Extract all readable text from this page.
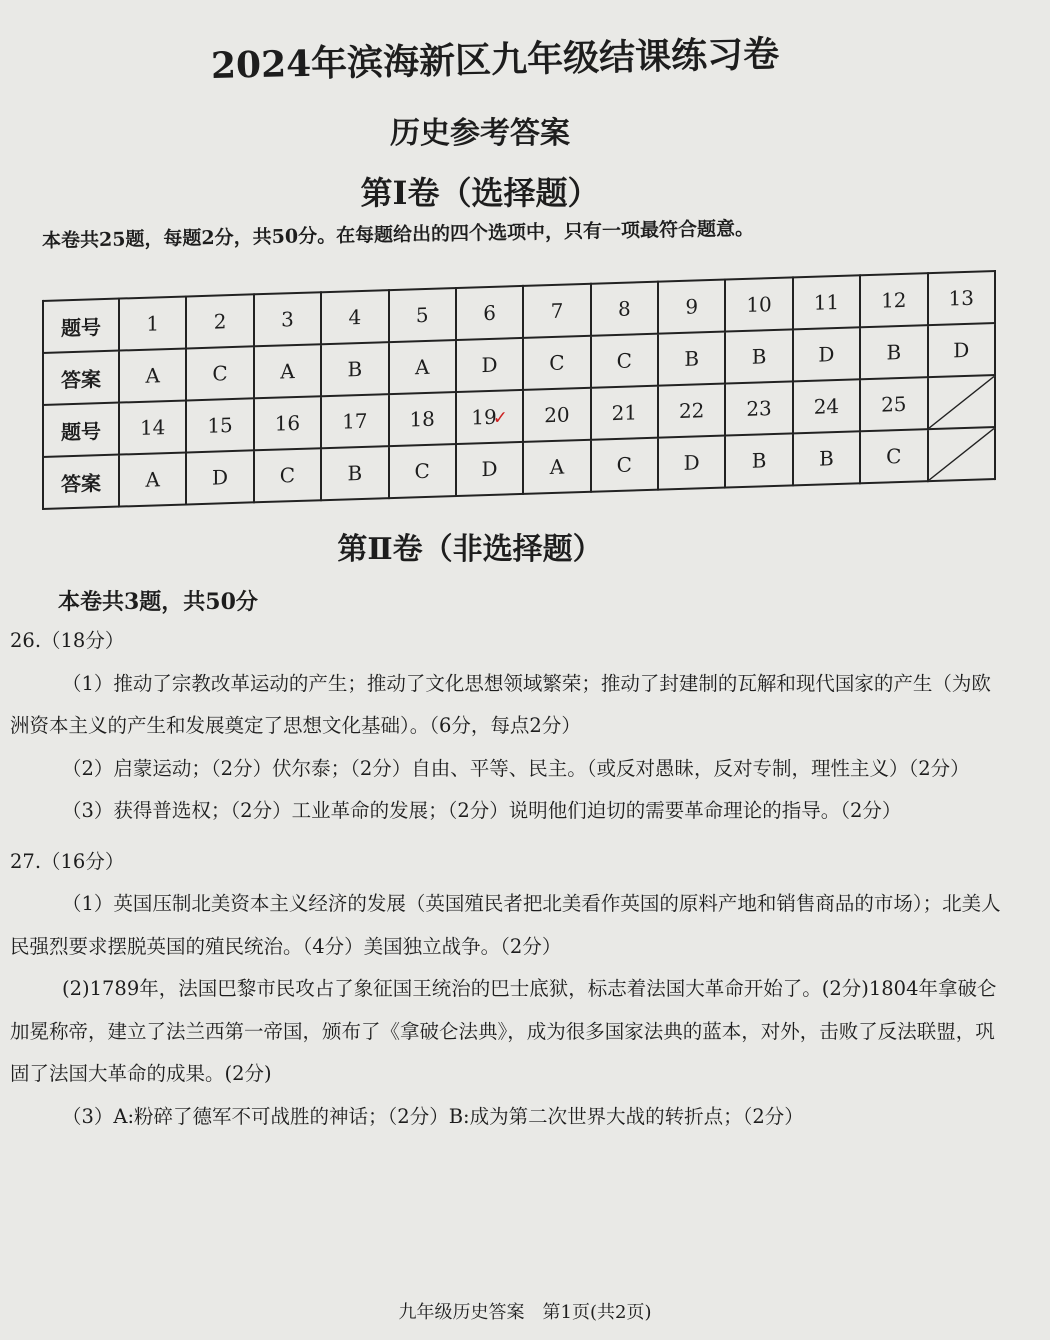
2024年滨海新区九年级结课练习卷
历史参考答案
第Ⅰ卷（选择题）
本卷共25题，每题2分，共50分。在每题给出的四个选项中，只有一项最符合题意。
题号	1	2	3	4	5	6	7	8	9	10	11	12	13
答案	A	C	A	B	A	D	C	C	B	B	D	B	D
题号	14	15	16	17	18	19✓	20	21	22	23	24	25	

答案	A	D	C	B	C	D	A	C	D	B	B	C	
第Ⅱ卷（非选择题）
本卷共3题，共50分

26.（18分）

（1）推动了宗教改革运动的产生；推动了文化思想领域繁荣；推动了封建制的瓦解和现代国家的产生（为欧洲资本主义的产生和发展奠定了思想文化基础）。（6分，每点2分）

（2）启蒙运动；（2分）伏尔泰；（2分）自由、平等、民主。（或反对愚昧，反对专制，理性主义）（2分）

（3）获得普选权；（2分）工业革命的发展；（2分）说明他们迫切的需要革命理论的指导。（2分）

27.（16分）

（1）英国压制北美资本主义经济的发展（英国殖民者把北美看作英国的原料产地和销售商品的市场）；北美人民强烈要求摆脱英国的殖民统治。（4分）美国独立战争。（2分）

(2)1789年，法国巴黎市民攻占了象征国王统治的巴士底狱，标志着法国大革命开始了。(2分)1804年拿破仑加冕称帝，建立了法兰西第一帝国，颁布了《拿破仑法典》，成为很多国家法典的蓝本，对外，击败了反法联盟，巩固了法国大革命的成果。(2分)

（3）A:粉碎了德军不可战胜的神话；（2分）B:成为第二次世界大战的转折点；（2分）

九年级历史答案　第1页(共2页)
